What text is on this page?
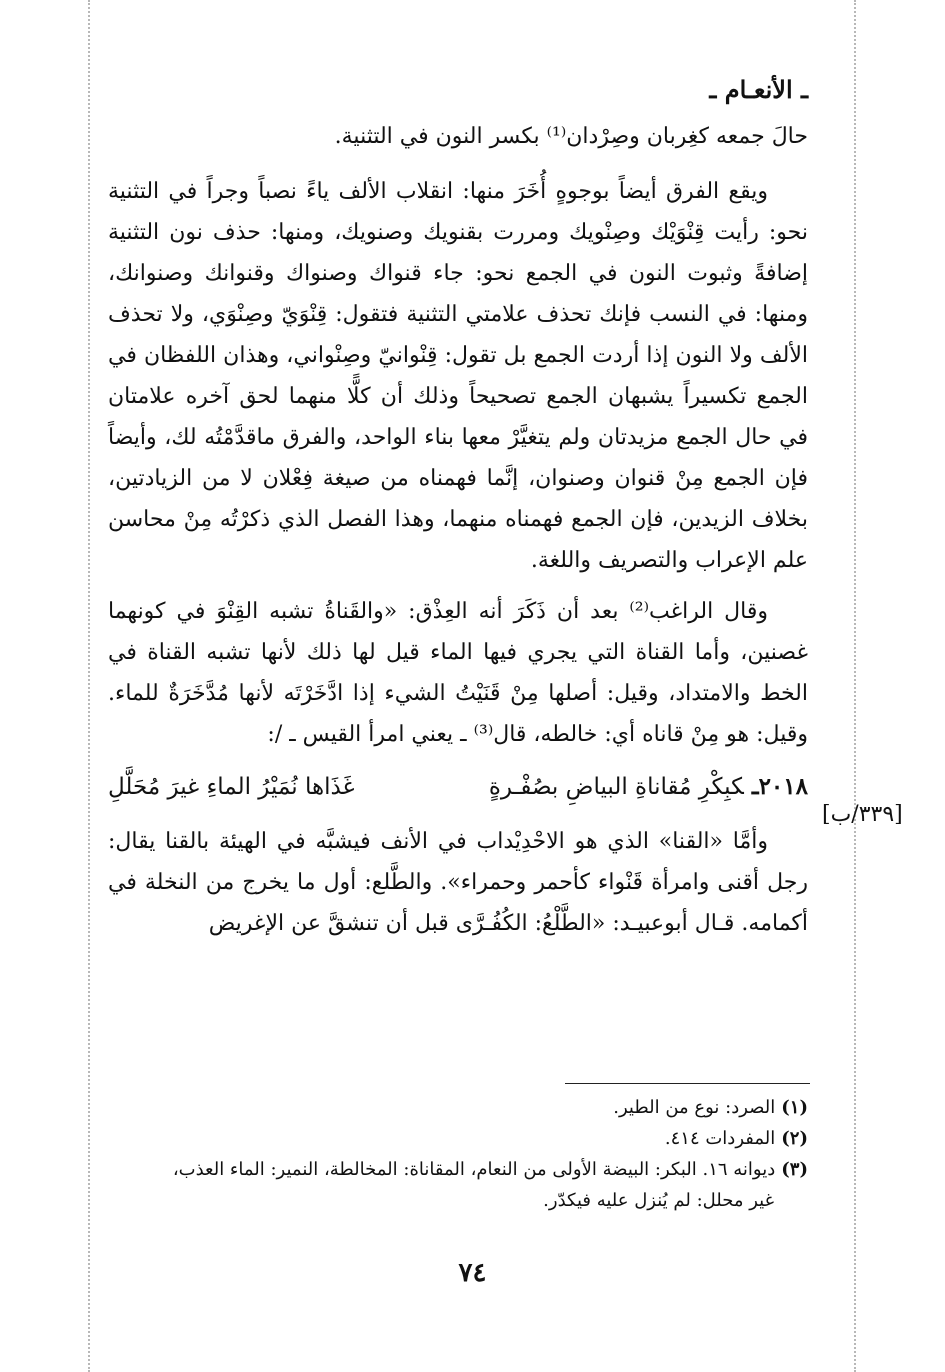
ـ الأنعـام ـ

حالَ جمعه كغِربان وصِرْدان⁽¹⁾ بكسر النون في التثنية.

ويقع الفرق أيضاً بوجوهٍ أُخَرَ منها: انقلاب الألف ياءً نصباً وجراً في التثنية نحو: رأيت قِنْوَيْك وصِنْويك ومررت بقنويك وصنويك، ومنها: حذف نون التثنية إضافةً وثبوت النون في الجمع نحو: جاء قنواك وصنواك وقنوانك وصنوانك، ومنها: في النسب فإنك تحذف علامتي التثنية فتقول: قِنْوَيّ وصِنْوَي، ولا تحذف الألف ولا النون إذا أردت الجمع بل تقول: قِنْوانيّ وصِنْواني، وهذان اللفظان في الجمع تكسيراً يشبهان الجمع تصحيحاً وذلك أن كلًّا منهما لحق آخره علامتان في حال الجمع مزيدتان ولم يتغيَّرْ معها بناء الواحد، والفرق ماقدَّمْتُه لك، وأيضاً فإن الجمع مِنْ قنوان وصنوان، إنَّما فهمناه من صيغة فِعْلان لا من الزيادتين، بخلاف الزيدين، فإن الجمع فهمناه منهما، وهذا الفصل الذي ذكرْتُه مِنْ محاسن علم الإعراب والتصريف واللغة.

وقال الراغب⁽²⁾ بعد أن ذَكَرَ أنه العِذْق: «والقَناةُ تشبه القِنْوَ في كونهما غصنين، وأما القناة التي يجري فيها الماء قيل لها ذلك لأنها تشبه القناة في الخط والامتداد، وقيل: أصلها مِنْ قَنَيْتُ الشيء إذا ادَّخَرْتَه لأنها مُدَّخَرَةٌ للماء. وقيل: هو مِنْ قاناه أي: خالطه، قال⁽³⁾ ـ يعني امرأ القيس ـ /:

٢٠١٨ـكبِكْرِ مُقاناةِ البياضِ بصُفْـرةٍ
غَذَاها نُمَيْرُ الماءِ غيرَ مُحَلَّلِ

وأمَّا «القنا» الذي هو الاحْدِيْداب في الأنف فيشبَّه في الهيئة بالقنا يقال: رجل أقنى وامرأة قَنْواء كأحمر وحمراء». والطَّلع: أول ما يخرج من النخلة في أكمامه. قـال أبوعبيـد: «الطَّلْعُ: الكُفُـرَّى قبل أن تنشقَّ عن الإغريض

[٣٣٩/ب]

(١)الصرد: نوع من الطير.

(٢)المفردات ٤١٤.

(٣)ديوانه ١٦. البكر: البيضة الأولى من النعام، المقاناة: المخالطة، النمير: الماء العذب،

غير محلل: لم يُنزل عليه فيكدّر.

٧٤
